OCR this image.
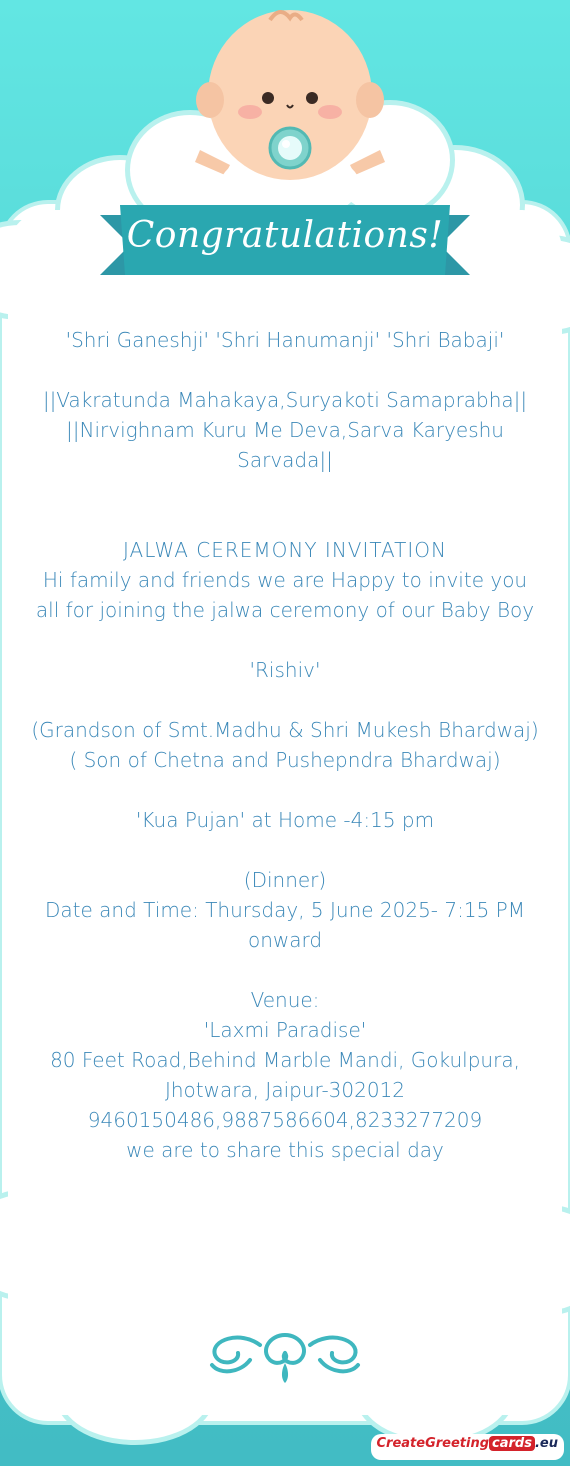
Congratulations!

'Shri Ganeshji' 'Shri Hanumanji' 'Shri Babaji'

||Vakratunda Mahakaya,Suryakoti Samaprabha||

||Nirvighnam Kuru Me Deva,Sarva Karyeshu Sarvada||

JALWA CEREMONY INVITATION

Hi family and friends we are Happy to invite you all for joining the jalwa ceremony of our Baby Boy

'Rishiv'

(Grandson of Smt.Madhu & Shri Mukesh Bhardwaj)

( Son of Chetna and Pushepndra Bhardwaj)

'Kua Pujan' at Home -4:15 pm

(Dinner)

Date and Time: Thursday, 5 June 2025- 7:15 PM onward

Venue:

'Laxmi Paradise'

80 Feet Road,Behind Marble Mandi, Gokulpura, Jhotwara, Jaipur-302012

9460150486,9887586604,8233277209

we are to share this special day

CreateGreeting cards .eu
